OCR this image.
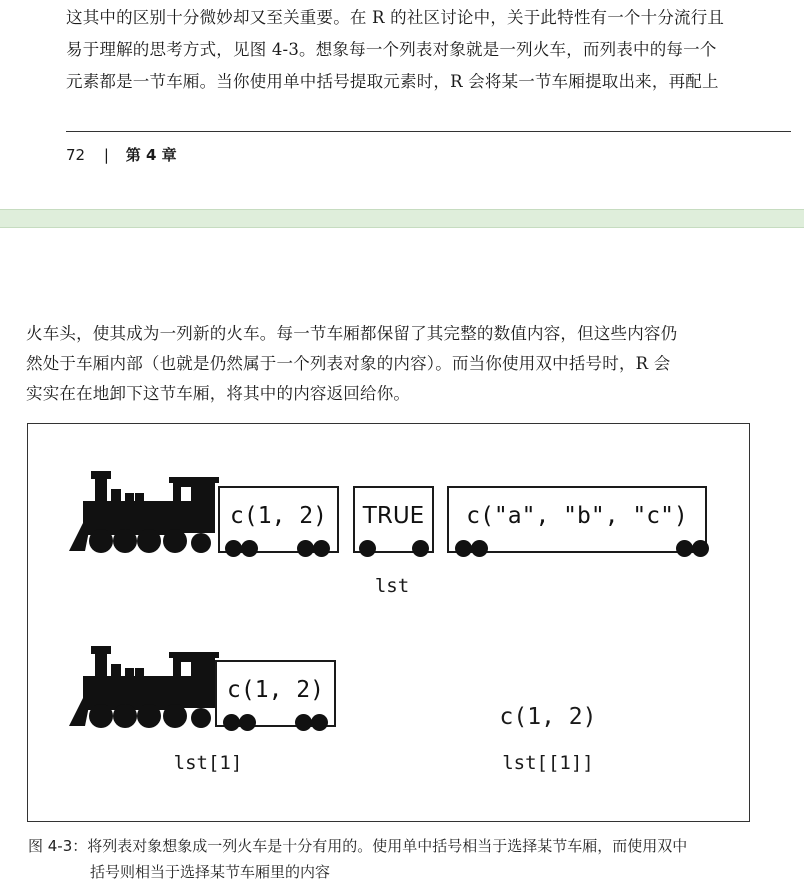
这其中的区别十分微妙却又至关重要。在 R 的社区讨论中，关于此特性有一个十分流行且
易于理解的思考方式，见图 4-3。想象每一个列表对象就是一列火车，而列表中的每一个
元素都是一节车厢。当你使用单中括号提取元素时，R 会将某一节车厢提取出来，再配上
72 | 第 4 章
火车头，使其成为一列新的火车。每一节车厢都保留了其完整的数值内容，但这些内容仍
然处于车厢内部（也就是仍然属于一个列表对象的内容）。而当你使用双中括号时，R 会
实实在在地卸下这节车厢，将其中的内容返回给你。
c(1, 2)	TRUE	c("a", "b", "c")
lst
c(1, 2)
lst[1]
c(1, 2)
lst[[1]]
图 4-3：将列表对象想象成一列火车是十分有用的。使用单中括号相当于选择某节车厢，而使用双中
括号则相当于选择某节车厢里的内容
